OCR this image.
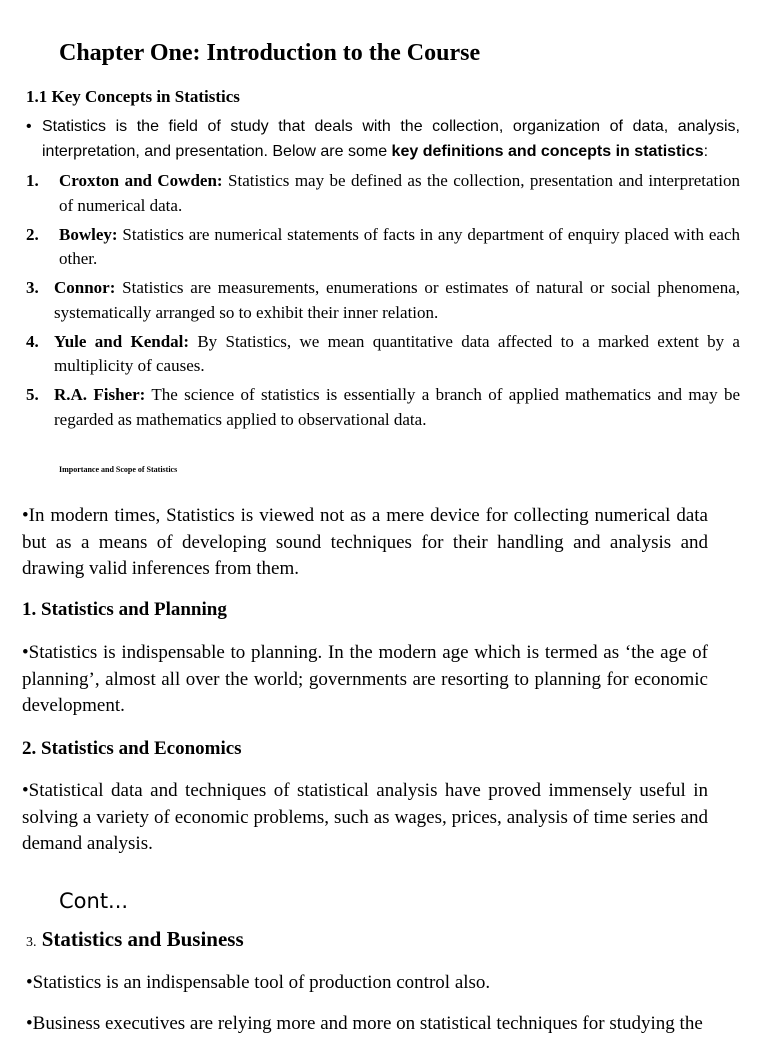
Chapter One: Introduction to the Course
1.1 Key Concepts in Statistics
• Statistics is the field of study that deals with the collection, organization of data, analysis, interpretation, and presentation. Below are some key definitions and concepts in statistics:
1.	Croxton and Cowden: Statistics may be defined as the collection, presentation and interpretation of numerical data.
2.	Bowley: Statistics are numerical statements of facts in any department of enquiry placed with each other.
3. Connor: Statistics are measurements, enumerations or estimates of natural or social phenomena, systematically arranged so to exhibit their inner relation.
4. Yule and Kendal: By Statistics, we mean quantitative data affected to a marked extent by a multiplicity of causes.
5. R.A. Fisher: The science of statistics is essentially a branch of applied mathematics and may be regarded as mathematics applied to observational data.
Importance and Scope of Statistics
•In modern times, Statistics is viewed not as a mere device for collecting numerical data but as a means of developing sound techniques for their handling and analysis and drawing valid inferences from them.
1. Statistics and Planning
•Statistics is indispensable to planning. In the modern age which is termed as ‘the age of planning’, almost all over the world; governments are resorting to planning for economic development.
2. Statistics and Economics
•Statistical data and techniques of statistical analysis have proved immensely useful in solving a variety of economic problems, such as wages, prices, analysis of time series and demand analysis.
Cont...
3. Statistics and Business
•Statistics is an indispensable tool of production control also.
•Business executives are relying more and more on statistical techniques for studying the
